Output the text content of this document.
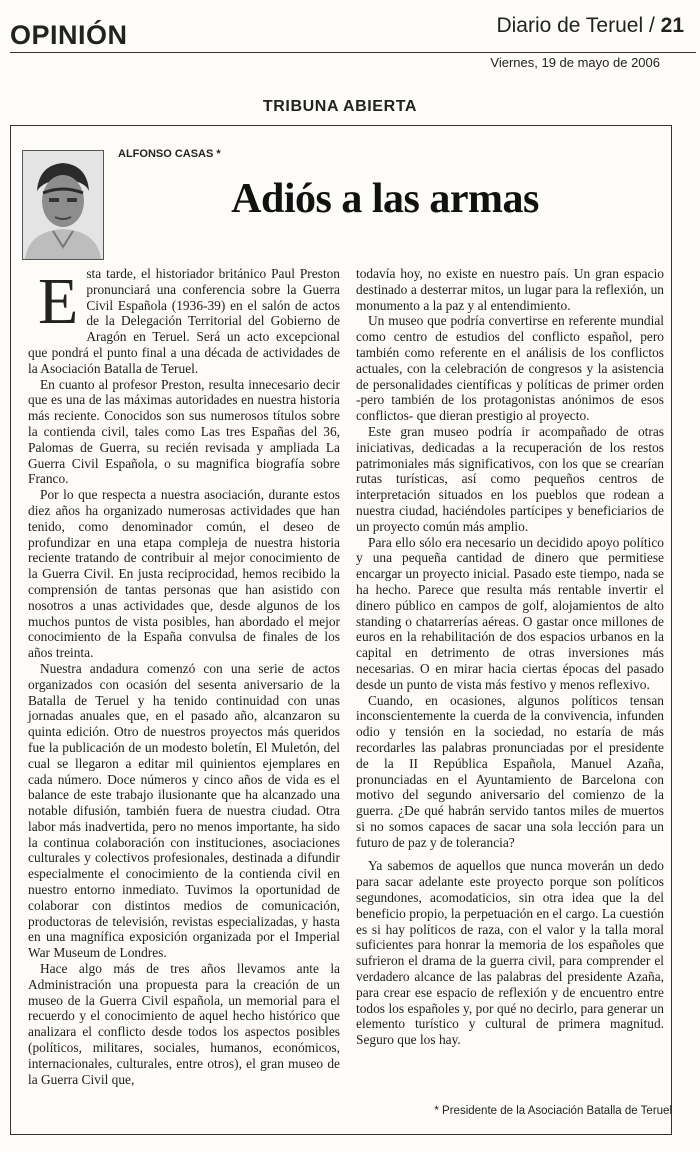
OPINIÓN	Diario de Teruel / 21
Viernes, 19 de mayo de 2006
TRIBUNA ABIERTA
ALFONSO CASAS *
Adiós a las armas

Esta tarde, el historiador británico Paul Preston pronunciará una conferencia sobre la Guerra Civil Española (1936-39) en el salón de actos de la Delegación Territorial del Gobierno de Aragón en Teruel. Será un acto excepcional que pondrá el punto final a una década de actividades de la Asociación Batalla de Teruel.

En cuanto al profesor Preston, resulta innecesario decir que es una de las máximas autoridades en nuestra historia más reciente. Conocidos son sus numerosos títulos sobre la contienda civil, tales como Las tres Españas del 36, Palomas de Guerra, su recién revisada y ampliada La Guerra Civil Española, o su magnifica biografía sobre Franco.

Por lo que respecta a nuestra asociación, durante estos diez años ha organizado numerosas actividades que han tenido, como denominador común, el deseo de profundizar en una etapa compleja de nuestra historia reciente tratando de contribuir al mejor conocimiento de la Guerra Civil. En justa reciprocidad, hemos recibido la comprensión de tantas personas que han asistido con nosotros a unas actividades que, desde algunos de los muchos puntos de vista posibles, han abordado el mejor conocimiento de la España convulsa de finales de los años treinta.

Nuestra andadura comenzó con una serie de actos organizados con ocasión del sesenta aniversario de la Batalla de Teruel y ha tenido continuidad con unas jornadas anuales que, en el pasado año, alcanzaron su quinta edición. Otro de nuestros proyectos más queridos fue la publicación de un modesto boletín, El Muletón, del cual se llegaron a editar mil quinientos ejemplares en cada número. Doce números y cinco años de vida es el balance de este trabajo ilusionante que ha alcanzado una notable difusión, también fuera de nuestra ciudad. Otra labor más inadvertida, pero no menos importante, ha sido la continua colaboración con instituciones, asociaciones culturales y colectivos profesionales, destinada a difundir especialmente el conocimiento de la contienda civil en nuestro entorno inmediato. Tuvimos la oportunidad de colaborar con distintos medios de comunicación, productoras de televisión, revistas especializadas, y hasta en una magnífica exposición organizada por el Imperial War Museum de Londres.

Hace algo más de tres años llevamos ante la Administración una propuesta para la creación de un museo de la Guerra Civil española, un memorial para el recuerdo y el conocimiento de aquel hecho histórico que analizara el conflicto desde todos los aspectos posibles (políticos, militares, sociales, humanos, económicos, internacionales, culturales, entre otros), el gran museo de la Guerra Civil que,

todavía hoy, no existe en nuestro país. Un gran espacio destinado a desterrar mitos, un lugar para la reflexión, un monumento a la paz y al entendimiento.

Un museo que podría convertirse en referente mundial como centro de estudios del conflicto español, pero también como referente en el análisis de los conflictos actuales, con la celebración de congresos y la asistencia de personalidades científicas y políticas de primer orden -pero también de los protagonistas anónimos de esos conflictos- que dieran prestigio al proyecto.

Este gran museo podría ir acompañado de otras iniciativas, dedicadas a la recuperación de los restos patrimoniales más significativos, con los que se crearían rutas turísticas, así como pequeños centros de interpretación situados en los pueblos que rodean a nuestra ciudad, haciéndoles partícipes y beneficiarios de un proyecto común más amplio.

Para ello sólo era necesario un decidido apoyo político y una pequeña cantidad de dinero que permitiese encargar un proyecto inicial. Pasado este tiempo, nada se ha hecho. Parece que resulta más rentable invertir el dinero público en campos de golf, alojamientos de alto standing o chatarrerías aéreas. O gastar once millones de euros en la rehabilitación de dos espacios urbanos en la capital en detrimento de otras inversiones más necesarias. O en mirar hacia ciertas épocas del pasado desde un punto de vista más festivo y menos reflexivo.

Cuando, en ocasiones, algunos políticos tensan inconscientemente la cuerda de la convivencia, infunden odio y tensión en la sociedad, no estaría de más recordarles las palabras pronunciadas por el presidente de la II República Española, Manuel Azaña, pronunciadas en el Ayuntamiento de Barcelona con motivo del segundo aniversario del comienzo de la guerra. ¿De qué habrán servido tantos miles de muertos si no somos capaces de sacar una sola lección para un futuro de paz y de tolerancia?

Ya sabemos de aquellos que nunca moverán un dedo para sacar adelante este proyecto porque son políticos segundones, acomodaticios, sin otra idea que la del beneficio propio, la perpetuación en el cargo. La cuestión es si hay políticos de raza, con el valor y la talla moral suficientes para honrar la memoria de los españoles que sufrieron el drama de la guerra civil, para comprender el verdadero alcance de las palabras del presidente Azaña, para crear ese espacio de reflexión y de encuentro entre todos los españoles y, por qué no decirlo, para generar un elemento turístico y cultural de primera magnitud. Seguro que los hay.

* Presidente de la Asociación Batalla de Teruel
